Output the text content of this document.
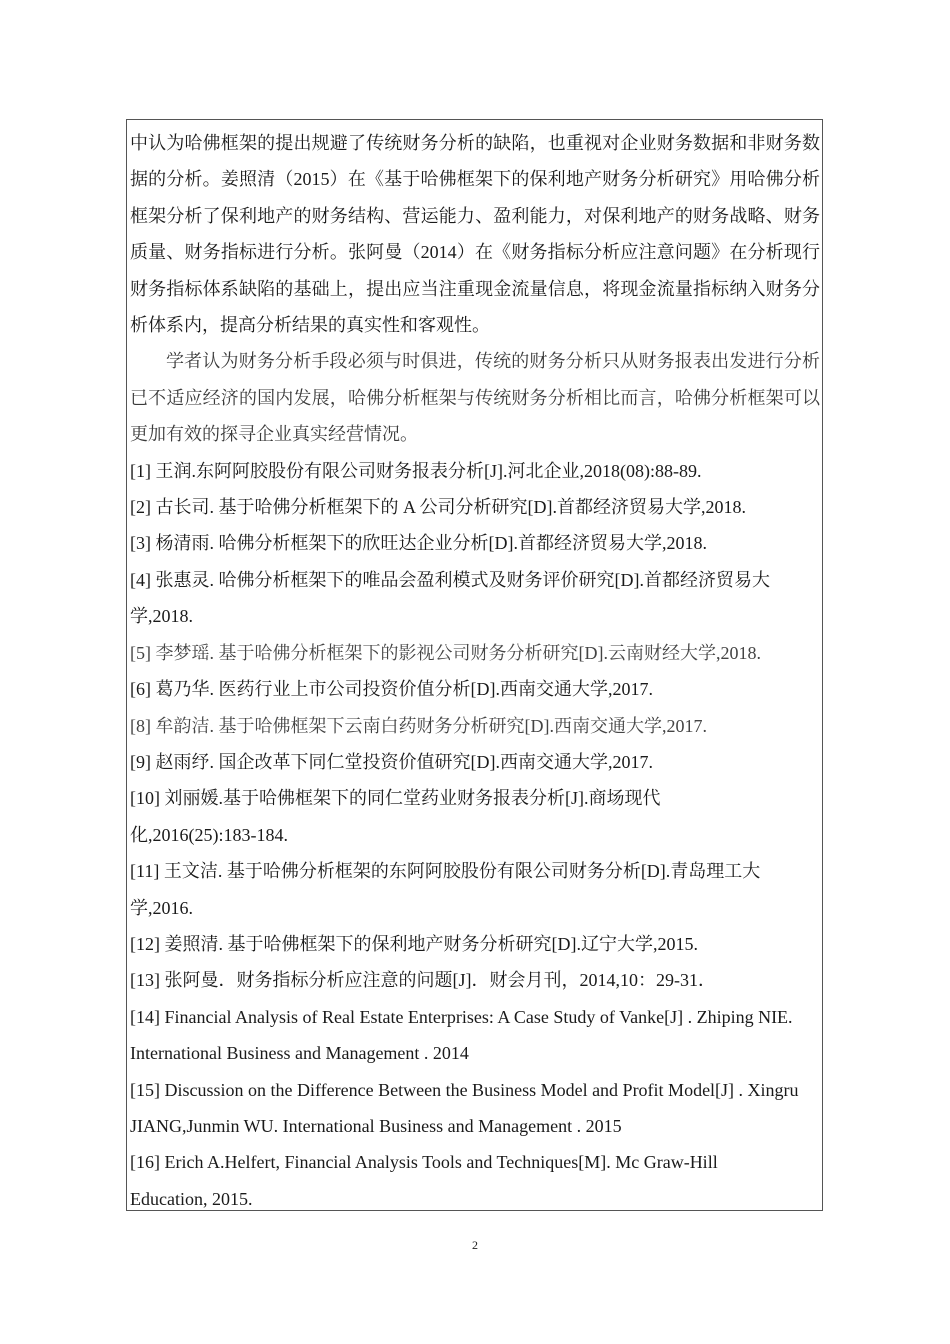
中认为哈佛框架的提出规避了传统财务分析的缺陷，也重视对企业财务数据和非财务数据的分析。姜照清（2015）在《基于哈佛框架下的保利地产财务分析研究》用哈佛分析框架分析了保利地产的财务结构、营运能力、盈利能力，对保利地产的财务战略、财务质量、财务指标进行分析。张阿曼（2014）在《财务指标分析应注意问题》在分析现行财务指标体系缺陷的基础上，提出应当注重现金流量信息，将现金流量指标纳入财务分析体系内，提高分析结果的真实性和客观性。

学者认为财务分析手段必须与时俱进，传统的财务分析只从财务报表出发进行分析已不适应经济的国内发展，哈佛分析框架与传统财务分析相比而言，哈佛分析框架可以更加有效的探寻企业真实经营情况。

[1] 王润.东阿阿胶股份有限公司财务报表分析[J].河北企业,2018(08):88-89.

[2] 古长司. 基于哈佛分析框架下的 A 公司分析研究[D].首都经济贸易大学,2018.

[3] 杨清雨. 哈佛分析框架下的欣旺达企业分析[D].首都经济贸易大学,2018.

[4] 张惠灵. 哈佛分析框架下的唯品会盈利模式及财务评价研究[D].首都经济贸易大学,2018.

[5] 李梦瑶. 基于哈佛分析框架下的影视公司财务分析研究[D].云南财经大学,2018.

[6] 葛乃华. 医药行业上市公司投资价值分析[D].西南交通大学,2017.

[8] 牟韵洁. 基于哈佛框架下云南白药财务分析研究[D].西南交通大学,2017.

[9] 赵雨纾. 国企改革下同仁堂投资价值研究[D].西南交通大学,2017.

[10] 刘丽媛.基于哈佛框架下的同仁堂药业财务报表分析[J].商场现代化,2016(25):183-184.

[11] 王文洁. 基于哈佛分析框架的东阿阿胶股份有限公司财务分析[D].青岛理工大学,2016.

[12] 姜照清. 基于哈佛框架下的保利地产财务分析研究[D].辽宁大学,2015.

[13] 张阿曼．财务指标分析应注意的问题[J]．财会月刊，2014,10：29-31．

[14] Financial Analysis of Real Estate Enterprises: A Case Study of Vanke[J] . Zhiping NIE. International Business and Management . 2014

[15] Discussion on the Difference Between the Business Model and Profit Model[J] . Xingru JIANG,Junmin WU. International Business and Management . 2015

[16] Erich A.Helfert, Financial Analysis Tools and Techniques[M]. Mc Graw-Hill Education, 2015.

2
